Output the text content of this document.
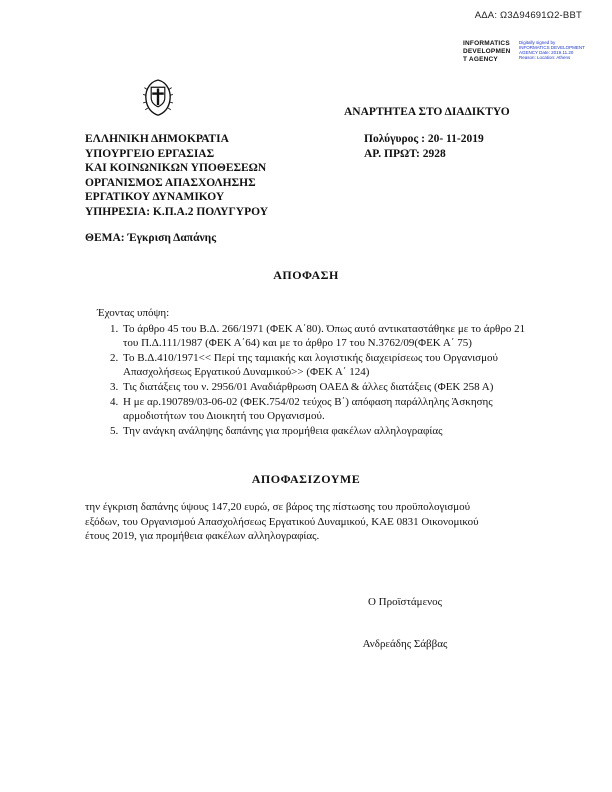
ΑΔΑ: Ω3Δ94691Ω2-ΒΒΤ
INFORMATICS DEVELOPMEN T AGENCY
Digitally signed by INFORMATICS DEVELOPMENT AGENCY Date: 2019.11.20 Reason: Location: Athens
ΑΝΑΡΤΗΤΕΑ ΣΤΟ ΔΙΑΔΙΚΤΥΟ
ΕΛΛΗΝΙΚΗ ΔΗΜΟΚΡΑΤΙΑ
ΥΠΟΥΡΓΕΙΟ ΕΡΓΑΣΙΑΣ
ΚΑΙ ΚΟΙΝΩΝΙΚΩΝ ΥΠΟΘΕΣΕΩΝ
ΟΡΓΑΝΙΣΜΟΣ ΑΠΑΣΧΟΛΗΣΗΣ
ΕΡΓΑΤΙΚΟΥ ΔΥΝΑΜΙΚΟΥ
ΥΠΗΡΕΣΙΑ: Κ.Π.Α.2 ΠΟΛΥΓΥΡΟΥ
Πολύγυρος : 20- 11-2019
ΑΡ. ΠΡΩΤ: 2928
ΘΕΜΑ: Έγκριση Δαπάνης
ΑΠΟΦΑΣΗ
Έχοντας υπόψη:
1. Το άρθρο 45 του Β.Δ. 266/1971 (ΦΕΚ Α΄80). Όπως αυτό αντικαταστάθηκε με το άρθρο 21 του Π.Δ.111/1987 (ΦΕΚ Α΄64) και με το άρθρο 17 του Ν.3762/09(ΦΕΚ Α΄ 75)
2. Το Β.Δ.410/1971<< Περί της ταμιακής και λογιστικής διαχειρίσεως του Οργανισμού Απασχολήσεως Εργατικού Δυναμικού>> (ΦΕΚ Α΄ 124)
3. Τις διατάξεις του ν. 2956/01 Αναδιάρθρωση ΟΑΕΔ & άλλες διατάξεις (ΦΕΚ 258 Α)
4. Η με αρ.190789/03-06-02 (ΦΕΚ.754/02 τεύχος Β΄) απόφαση παράλληλης Άσκησης αρμοδιοτήτων του Διοικητή του Οργανισμού.
5. Την ανάγκη ανάληψης δαπάνης για προμήθεια φακέλων αλληλογραφίας
ΑΠΟΦΑΣΙΖΟΥΜΕ
την έγκριση δαπάνης ύψους 147,20 ευρώ, σε βάρος της πίστωσης του προϋπολογισμού εξόδων, του Οργανισμού Απασχολήσεως Εργατικού Δυναμικού, ΚΑΕ 0831 Οικονομικού έτους 2019, για προμήθεια φακέλων αλληλογραφίας.
Ο Προϊστάμενος
Ανδρεάδης Σάββας
